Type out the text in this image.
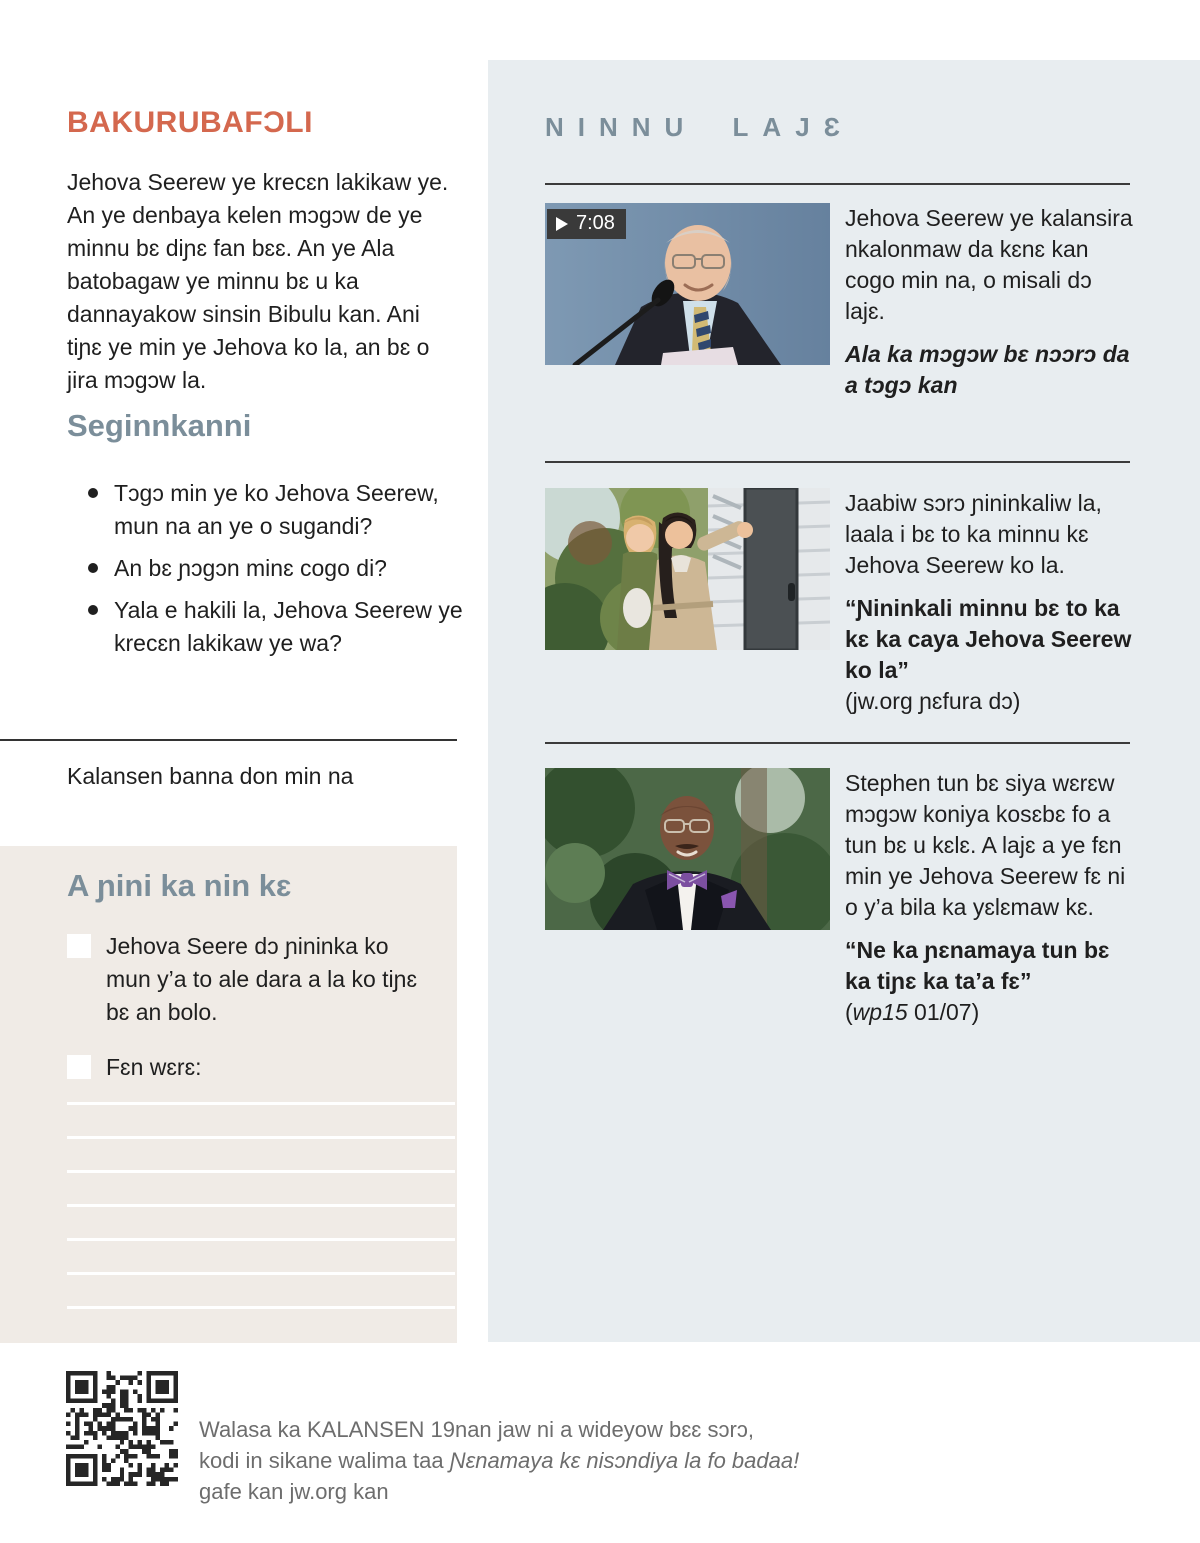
BAKURUBAFƆLI
Jehova Seerew ye krecɛn lakikaw ye. An ye denbaya kelen mɔgɔw de ye minnu bɛ diɲɛ fan bɛɛ. An ye Ala batobagaw ye minnu bɛ u ka dannayakow sinsin Bibulu kan. Ani tiɲɛ ye min ye Jehova ko la, an bɛ o jira mɔgɔw la.
Seginnkanni
Tɔgɔ min ye ko Jehova Seerew, mun na an ye o sugandi?
An bɛ ɲɔgɔn minɛ cogo di?
Yala e hakili la, Jehova Seerew ye krecɛn lakikaw ye wa?
Kalansen banna don min na
A ɲini ka nin kɛ
Jehova Seere dɔ ɲininka ko mun y’a to ale dara a la ko tiɲɛ bɛ an bolo.
Fɛn wɛrɛ:
NINNU LAJƐ
7:08	Jehova Seerew ye kalansira nkalonmaw da kɛnɛ kan cogo min na, o misali dɔ lajɛ.

Ala ka mɔgɔw bɛ nɔɔrɔ da a tɔgɔ kan

Jaabiw sɔrɔ ɲininkaliw la, laala i bɛ to ka minnu kɛ Jehova Seerew ko la.

“Ɲininkali minnu bɛ to ka kɛ ka caya Jehova Seerew ko la”

(jw.org ɲɛfura dɔ)

Stephen tun bɛ siya wɛrɛw mɔgɔw koniya kosɛbɛ fo a tun bɛ u kɛlɛ. A lajɛ a ye fɛn min ye Jehova Seerew fɛ ni o y’a bila ka yɛlɛmaw kɛ.

“Ne ka ɲɛnamaya tun bɛ ka tiɲɛ ka ta’a fɛ”

(wp15 01/07)

Walasa ka KALANSEN 19nan jaw ni a wideyow bɛɛ sɔrɔ,
kodi in sikane walima taa Ɲɛnamaya kɛ nisɔndiya la fo badaa!
gafe kan jw.org kan
